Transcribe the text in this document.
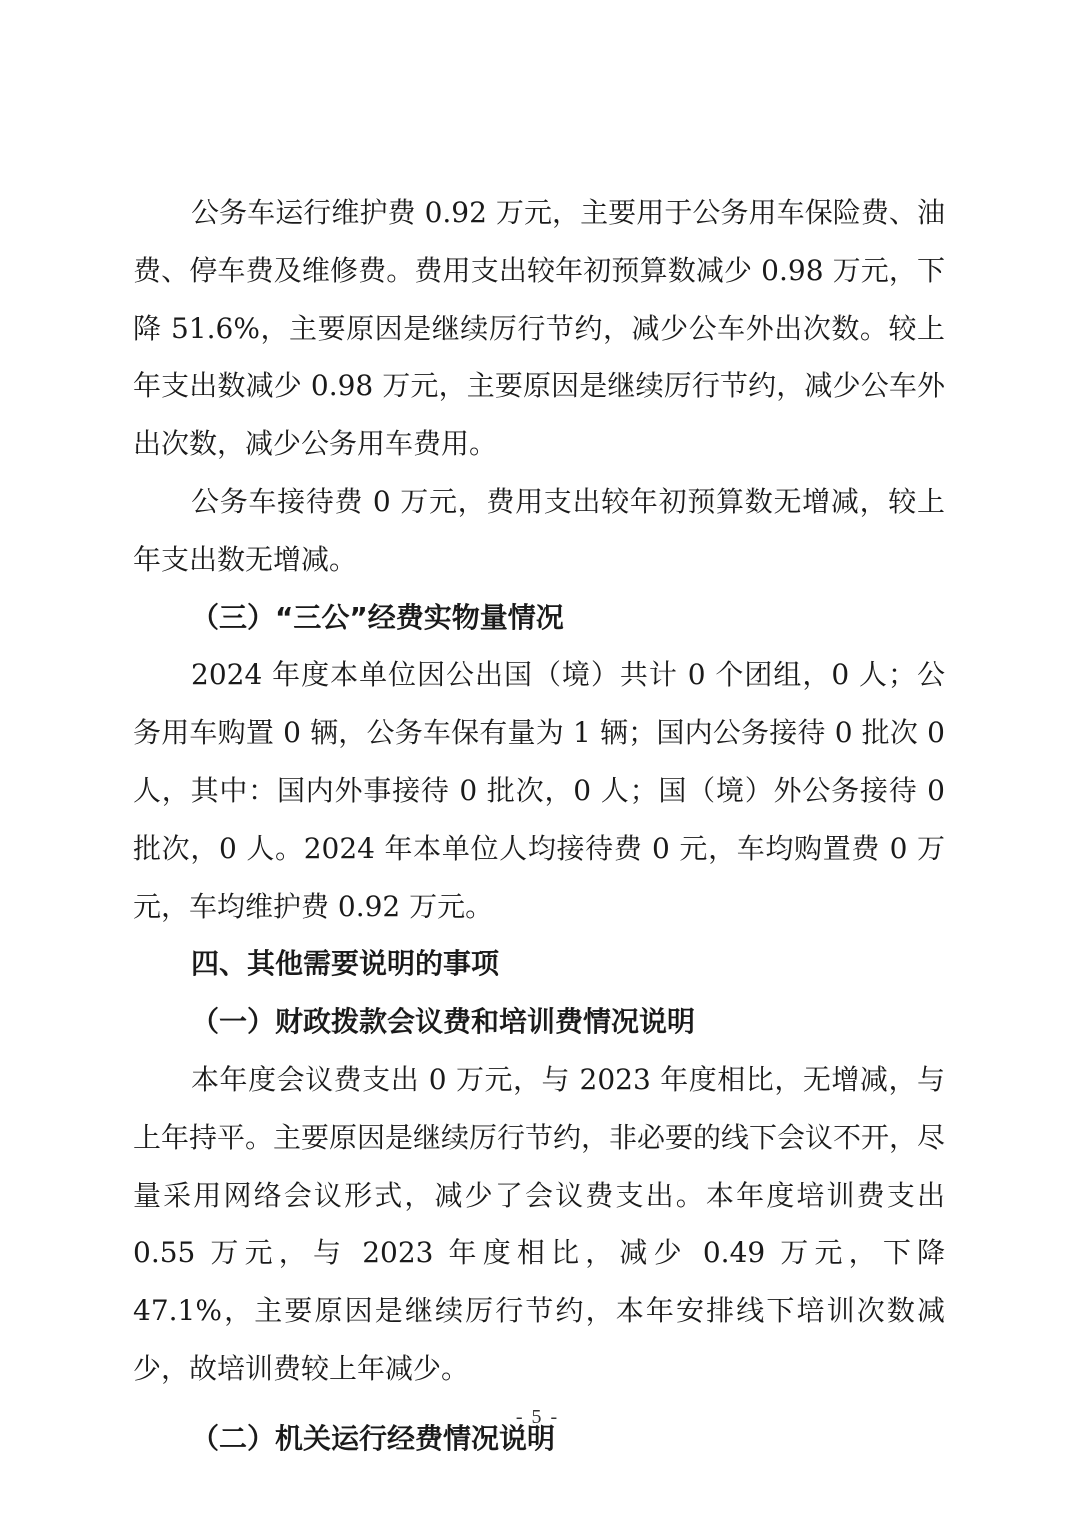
公务车运行维护费 0.92 万元，主要用于公务用车保险费、油费、停车费及维修费。费用支出较年初预算数减少 0.98 万元，下降 51.6%，主要原因是继续厉行节约，减少公车外出次数。较上年支出数减少 0.98 万元，主要原因是继续厉行节约，减少公车外出次数，减少公务用车费用。

公务车接待费 0 万元，费用支出较年初预算数无增减，较上年支出数无增减。

（三）“三公”经费实物量情况

2024 年度本单位因公出国（境）共计 0 个团组，0 人；公务用车购置 0 辆，公务车保有量为 1 辆；国内公务接待 0 批次 0 人，其中：国内外事接待 0 批次，0 人；国（境）外公务接待 0 批次，0 人。2024 年本单位人均接待费 0 元，车均购置费 0 万元，车均维护费 0.92 万元。

四、其他需要说明的事项
（一）财政拨款会议费和培训费情况说明

本年度会议费支出 0 万元，与 2023 年度相比，无增减，与上年持平。主要原因是继续厉行节约，非必要的线下会议不开，尽量采用网络会议形式，减少了会议费支出。本年度培训费支出 0.55 万元，与 2023 年度相比，减少 0.49 万元，下降 47.1%，主要原因是继续厉行节约，本年安排线下培训次数减少，故培训费较上年减少。

（二）机关运行经费情况说明
- 5 -
